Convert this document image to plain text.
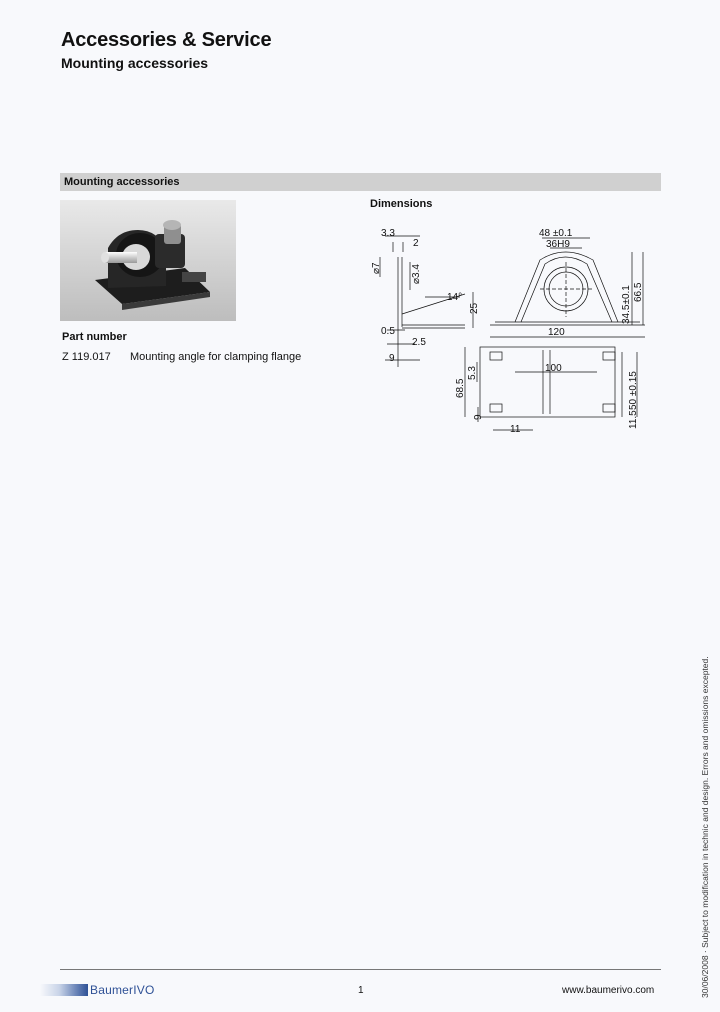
Accessories & Service
Mounting accessories
Mounting accessories
Part number
Z 119.017 Mounting angle for clamping flange
Dimensions
3.3
2
⌀7	⌀3.4
14°
25
0.5
2.5
9
48 ±0.1
36H9
34.5±0.1 66.5
120
100
68.5
5.3
9
11
11.5
50 ±0.15
30/06/2008 · Subject to modification in technic and design. Errors and omissions excepted.
BaumerIVO	1	www.baumerivo.com
